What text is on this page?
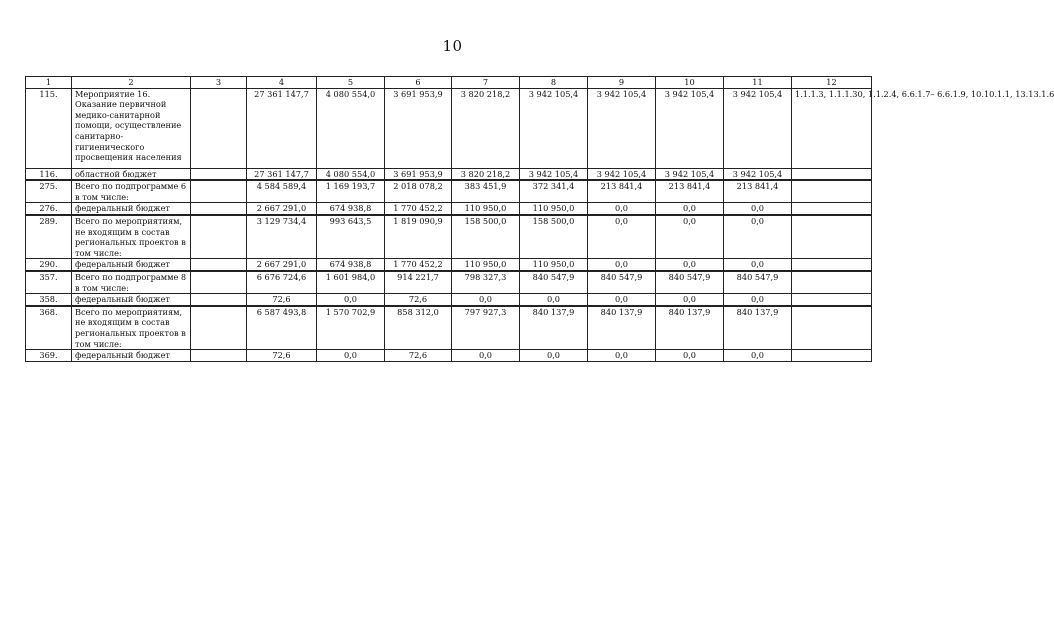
10
1	2	3	4	5	6	7	8	9	10	11	12
115.	Мероприятие 16. Оказание первичной медико-санитарной помощи, осуществление санитарно-гигиенического просвещения населения		27 361 147,7	4 080 554,0	3 691 953,9	3 820 218,2	3 942 105,4	3 942 105,4	3 942 105,4	3 942 105,4	1.1.1.3, 1.1.1.30, 1.1.2.4, 6.6.1.7– 6.6.1.9, 10.10.1.1, 13.13.1.6
116.	областной бюджет		27 361 147,7	4 080 554,0	3 691 953,9	3 820 218,2	3 942 105,4	3 942 105,4	3 942 105,4	3 942 105,4	
275.	Всего по подпрограмме 6 в том числе:		4 584 589,4	1 169 193,7	2 018 078,2	383 451,9	372 341,4	213 841,4	213 841,4	213 841,4	
276.	федеральный бюджет		2 667 291,0	674 938,8	1 770 452,2	110 950,0	110 950,0	0,0	0,0	0,0	
289.	Всего по мероприятиям, не входящим в состав региональных проектов в том числе:		3 129 734,4	993 643,5	1 819 090,9	158 500,0	158 500,0	0,0	0,0	0,0	
290.	федеральный бюджет		2 667 291,0	674 938,8	1 770 452,2	110 950,0	110 950,0	0,0	0,0	0,0	
357.	Всего по подпрограмме 8 в том числе:		6 676 724,6	1 601 984,0	914 221,7	798 327,3	840 547,9	840 547,9	840 547,9	840 547,9	
358.	федеральный бюджет		72,6	0,0	72,6	0,0	0,0	0,0	0,0	0,0	
368.	Всего по мероприятиям, не входящим в состав региональных проектов в том числе:		6 587 493,8	1 570 702,9	858 312,0	797 927,3	840 137,9	840 137,9	840 137,9	840 137,9	
369.	федеральный бюджет		72,6	0,0	72,6	0,0	0,0	0,0	0,0	0,0	
